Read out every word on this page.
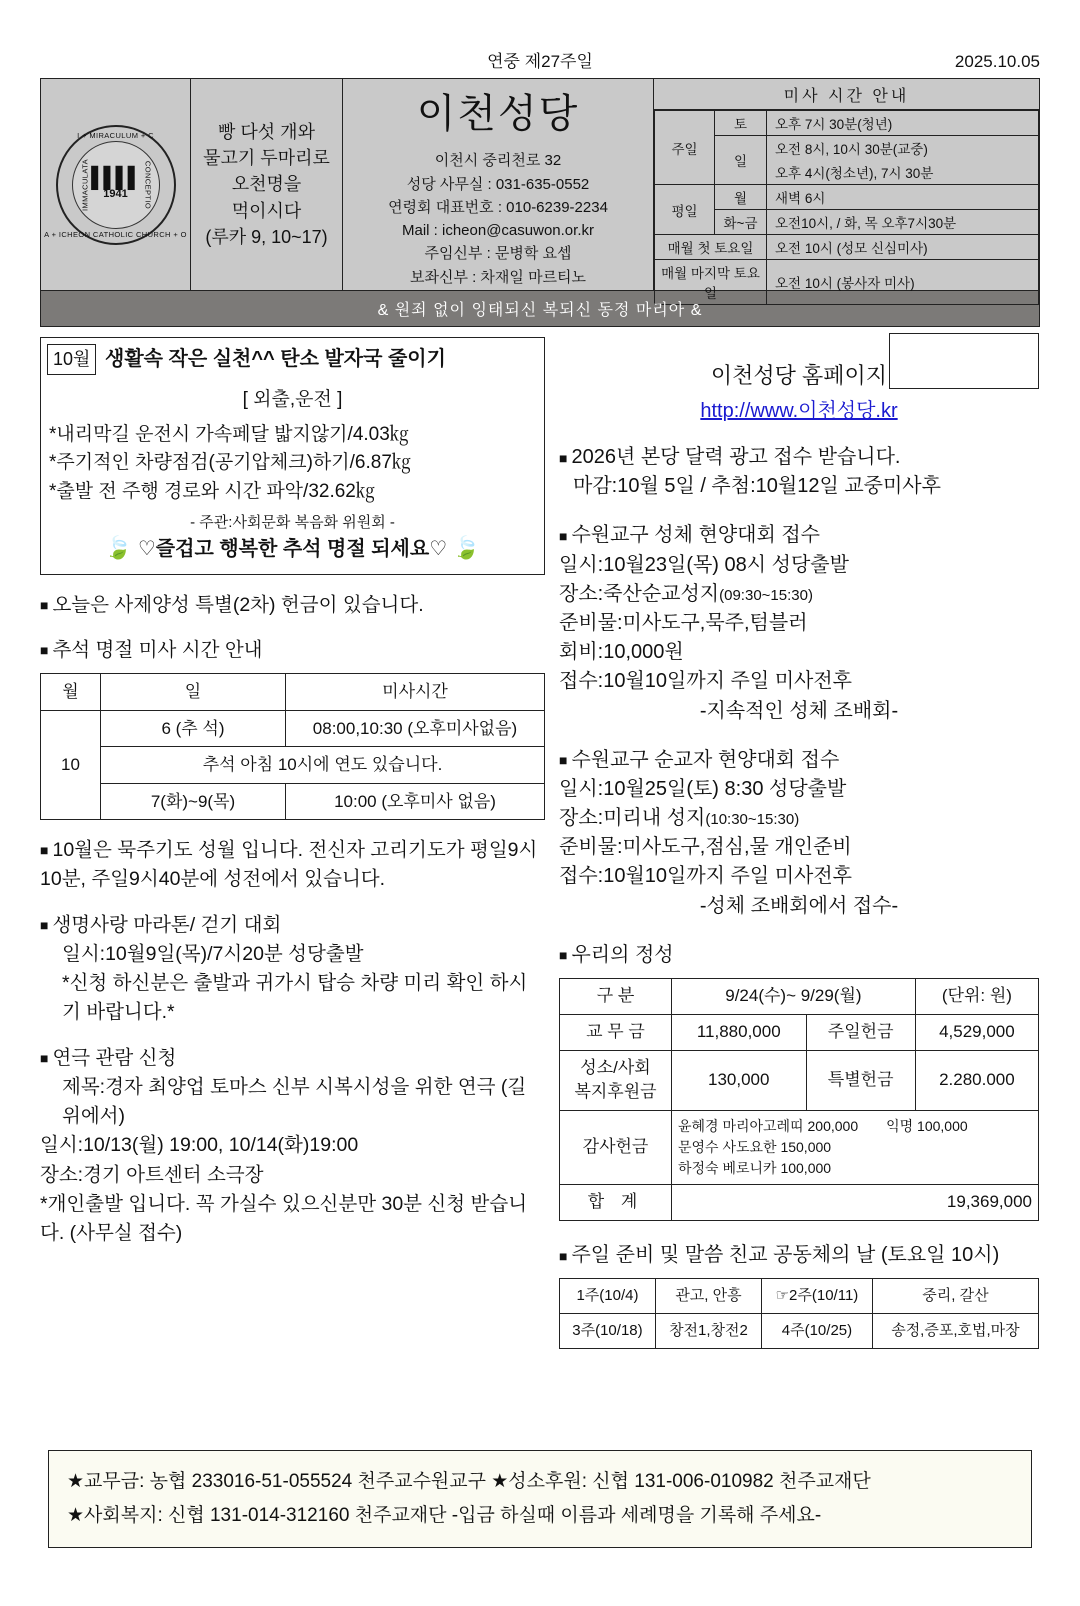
연중 제27주일	2025.10.05
I + MIRACULUM + C
IMMACULATA	CONCEPTIO
A + ICHEON CATHOLIC CHURCH + O
▌▌▌▌
1941
빵 다섯 개와
물고기 두마리로
오천명을
먹이시다
(루카 9, 10~17)
이천성당
이천시 중리천로 32
성당 사무실 : 031-635-0552
연령회 대표번호 : 010-6239-2234
Mail : icheon@casuwon.or.kr
주임신부 : 문병학 요셉
보좌신부 : 차재일 마르티노
미사 시간 안내
주일	토	오후 7시 30분(청년)
	일	오전 8시, 10시 30분(교중)
		오후 4시(청소년), 7시 30분
평일	월	새벽 6시
	화~금	오전10시, / 화, 목 오후7시30분
매월 첫 토요일		오전 10시 (성모 신심미사)
매월 마지막 토요일		오전 10시 (봉사자 미사)
& 원죄 없이 잉태되신 복되신 동정 마리아 &
10월 생활속 작은 실천^^ 탄소 발자국 줄이기
[ 외출,운전 ]
*내리막길 운전시 가속페달 밟지않기/4.03㎏
*주기적인 차량점검(공기압체크)하기/6.87㎏
*출발 전 주행 경로와 시간 파악/32.62㎏
- 주관:사회문화 복음화 위원회 -
🍃 ♡즐겁고 행복한 추석 명절 되세요♡ 🍃
■ 오늘은 사제양성 특별(2차) 헌금이 있습니다.
■ 추석 명절 미사 시간 안내
월	일	미사시간
10	6 (추 석)	08:00,10:30 (오후미사없음)
	추석 아침 10시에 연도 있습니다.	
	7(화)~9(목)	10:00 (오후미사 없음)
■ 10월은 묵주기도 성월 입니다. 전신자 고리기도가 평일9시10분, 주일9시40분에 성전에서 있습니다.
■ 생명사랑 마라톤/ 걷기 대회
일시:10월9일(목)/7시20분 성당출발
*신청 하신분은 출발과 귀가시 탑승 차량 미리 확인 하시기 바랍니다.*
■ 연극 관람 신청
제목:경자 최양업 토마스 신부 시복시성을 위한 연극 (길 위에서)
일시:10/13(월) 19:00, 10/14(화)19:00
장소:경기 아트센터 소극장
*개인출발 입니다. 꼭 가실수 있으신분만 30분 신청 받습니다. (사무실 접수)
이천성당 홈페이지
http://www.이천성당.kr
■ 2026년 본당 달력 광고 접수 받습니다.
마감:10월 5일 / 추첨:10월12일 교중미사후
■ 수원교구 성체 현양대회 접수
일시:10월23일(목) 08시 성당출발
장소:죽산순교성지(09:30~15:30)
준비물:미사도구,묵주,텀블러
회비:10,000원
접수:10월10일까지 주일 미사전후
-지속적인 성체 조배회-
■ 수원교구 순교자 현양대회 접수
일시:10월25일(토) 8:30 성당출발
장소:미리내 성지(10:30~15:30)
준비물:미사도구,점심,물 개인준비
접수:10월10일까지 주일 미사전후
-성체 조배회에서 접수-
■ 우리의 정성
구 분	9/24(수)~ 9/29(월)		(단위: 원)
교 무 금	11,880,000	주일헌금	4,529,000

성소/사회
복지후원금	130,000	특별헌금	2.280.000
감사헌금	윤혜경 마리아고레띠 200,000 익명 100,000
문영수 사도요한 150,000
하정숙 베로니카 100,000		

합 계	19,369,000		
■ 주일 준비 및 말씀 친교 공동체의 날 (토요일 10시)
1주(10/4)	관고, 안흥	☞2주(10/11)	중리, 갈산
3주(10/18)	창전1,창전2	4주(10/25)	송정,증포,호법,마장
★교무금: 농협 233016-51-055524 천주교수원교구 ★성소후원: 신협 131-006-010982 천주교재단
★사회복지: 신협 131-014-312160 천주교재단 -입금 하실때 이름과 세례명을 기록해 주세요-
